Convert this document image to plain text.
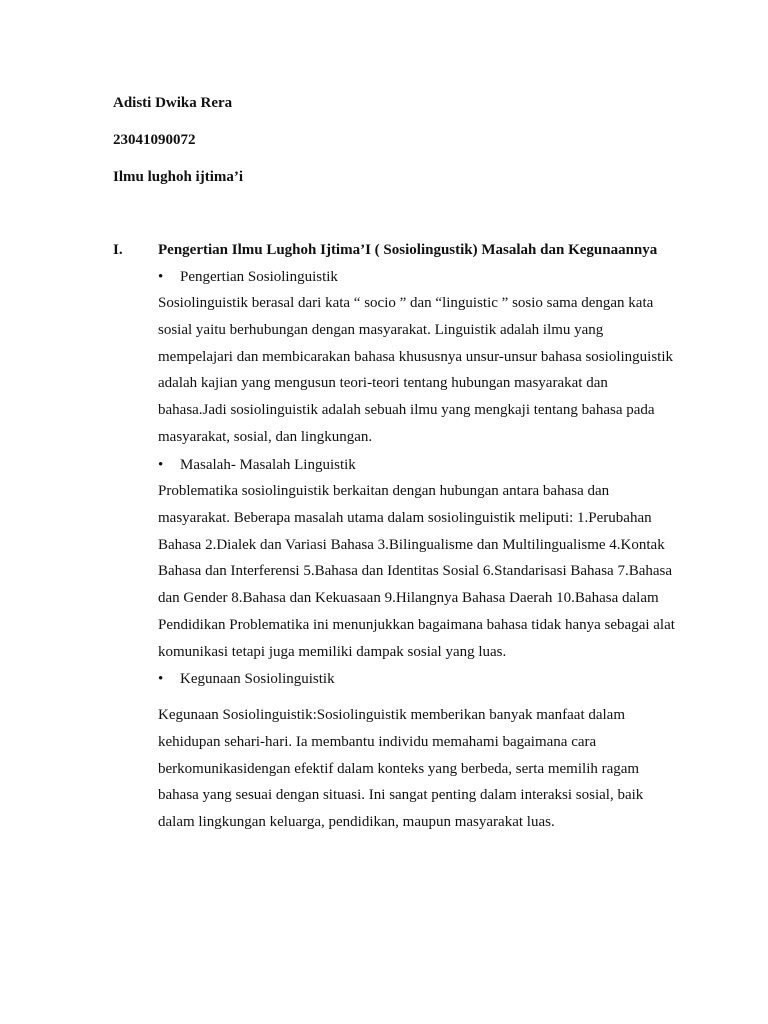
Adisti Dwika Rera
23041090072
Ilmu lughoh ijtima’i
I. Pengertian Ilmu Lughoh Ijtima’I ( Sosiolingustik) Masalah dan Kegunaannya
• Pengertian Sosiolinguistik

Sosiolinguistik berasal dari kata “ socio ” dan “linguistic ” sosio sama dengan kata
sosial yaitu berhubungan dengan masyarakat. Linguistik adalah ilmu yang
mempelajari dan membicarakan bahasa khususnya unsur-unsur bahasa sosiolinguistik
adalah kajian yang mengusun teori-teori tentang hubungan masyarakat dan
bahasa.Jadi sosiolinguistik adalah sebuah ilmu yang mengkaji tentang bahasa pada
masyarakat, sosial, dan lingkungan.

• Masalah- Masalah Linguistik

Problematika sosiolinguistik berkaitan dengan hubungan antara bahasa dan
masyarakat. Beberapa masalah utama dalam sosiolinguistik meliputi: 1.Perubahan
Bahasa 2.Dialek dan Variasi Bahasa 3.Bilingualisme dan Multilingualisme 4.Kontak
Bahasa dan Interferensi 5.Bahasa dan Identitas Sosial 6.Standarisasi Bahasa 7.Bahasa
dan Gender 8.Bahasa dan Kekuasaan 9.Hilangnya Bahasa Daerah 10.Bahasa dalam
Pendidikan Problematika ini menunjukkan bagaimana bahasa tidak hanya sebagai alat
komunikasi tetapi juga memiliki dampak sosial yang luas.

• Kegunaan Sosiolinguistik

Kegunaan Sosiolinguistik:Sosiolinguistik memberikan banyak manfaat dalam
kehidupan sehari-hari. Ia membantu individu memahami bagaimana cara
berkomunikasidengan efektif dalam konteks yang berbeda, serta memilih ragam
bahasa yang sesuai dengan situasi. Ini sangat penting dalam interaksi sosial, baik
dalam lingkungan keluarga, pendidikan, maupun masyarakat luas.
